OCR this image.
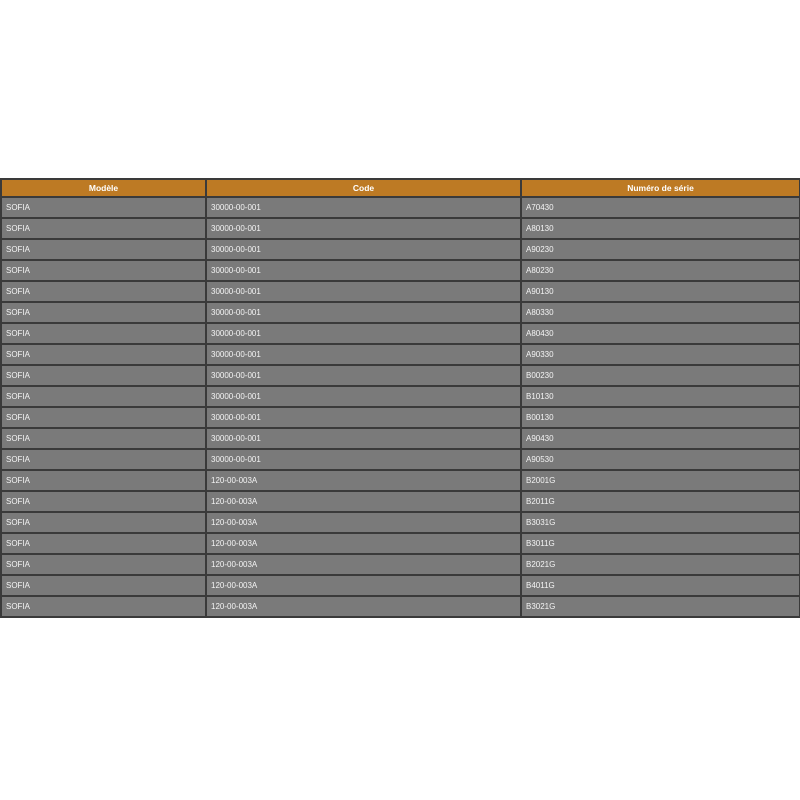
Modèle	Code	Numéro de série
SOFIA	30000-00-001	A70430
SOFIA	30000-00-001	A80130
SOFIA	30000-00-001	A90230
SOFIA	30000-00-001	A80230
SOFIA	30000-00-001	A90130
SOFIA	30000-00-001	A80330
SOFIA	30000-00-001	A80430
SOFIA	30000-00-001	A90330
SOFIA	30000-00-001	B00230
SOFIA	30000-00-001	B10130
SOFIA	30000-00-001	B00130
SOFIA	30000-00-001	A90430
SOFIA	30000-00-001	A90530
SOFIA	120-00-003A	B2001G
SOFIA	120-00-003A	B2011G
SOFIA	120-00-003A	B3031G
SOFIA	120-00-003A	B3011G
SOFIA	120-00-003A	B2021G
SOFIA	120-00-003A	B4011G
SOFIA	120-00-003A	B3021G
